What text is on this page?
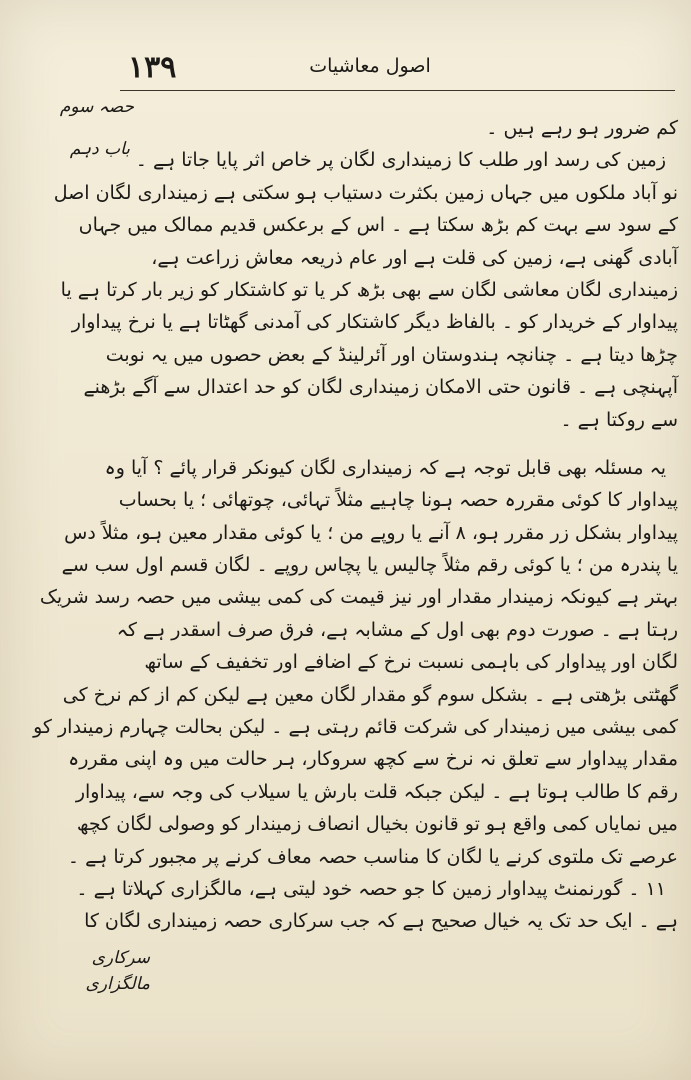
۱۳۹	اصول معاشیات
حصہ سوم
باب دہم
کم ضرور ہو رہے ہیں ۔
زمین کی رسد اور طلب کا زمینداری لگان پر خاص اثر پایا جاتا ہے ۔
نو آباد ملکوں میں جہاں زمین بکثرت دستیاب ہو سکتی ہے زمینداری لگان اصل
کے سود سے بہت کم بڑھ سکتا ہے ۔ اس کے برعکس قدیم ممالک میں جہاں
آبادی گھنی ہے، زمین کی قلت ہے اور عام ذریعہ معاش زراعت ہے،
زمینداری لگان معاشی لگان سے بھی بڑھ کر یا تو کاشتکار کو زیر بار کرتا ہے یا
پیداوار کے خریدار کو ۔ بالفاظ دیگر کاشتکار کی آمدنی گھٹاتا ہے یا نرخ پیداوار
چڑھا دیتا ہے ۔ چنانچہ ہندوستان اور آئرلینڈ کے بعض حصوں میں یہ نوبت
آپہنچی ہے ۔ قانون حتی الامکان زمینداری لگان کو حد اعتدال سے آگے بڑھنے
سے روکتا ہے ۔
یہ مسئلہ بھی قابل توجہ ہے کہ زمینداری لگان کیونکر قرار پائے ؟ آیا وہ
پیداوار کا کوئی مقررہ حصہ ہونا چاہیے مثلاً تہائی، چوتھائی ؛ یا بحساب
پیداوار بشکل زر مقرر ہو، ۸ آنے یا روپے من ؛ یا کوئی مقدار معین ہو، مثلاً دس
یا پندرہ من ؛ یا کوئی رقم مثلاً چالیس یا پچاس روپے ۔ لگان قسم اول سب سے
بہتر ہے کیونکہ زمیندار مقدار اور نیز قیمت کی کمی بیشی میں حصہ رسد شریک
رہتا ہے ۔ صورت دوم بھی اول کے مشابہ ہے، فرق صرف اسقدر ہے کہ
لگان اور پیداوار کی باہمی نسبت نرخ کے اضافے اور تخفیف کے ساتھ
گھٹتی بڑھتی ہے ۔ بشکل سوم گو مقدار لگان معین ہے لیکن کم از کم نرخ کی
کمی بیشی میں زمیندار کی شرکت قائم رہتی ہے ۔ لیکن بحالت چہارم زمیندار کو
مقدار پیداوار سے تعلق نہ نرخ سے کچھ سروکار، ہر حالت میں وہ اپنی مقررہ
رقم کا طالب ہوتا ہے ۔ لیکن جبکہ قلت بارش یا سیلاب کی وجہ سے، پیداوار
میں نمایاں کمی واقع ہو تو قانون بخیال انصاف زمیندار کو وصولی لگان کچھ
عرصے تک ملتوی کرنے یا لگان کا مناسب حصہ معاف کرنے پر مجبور کرتا ہے ۔
۱۱ ۔ گورنمنٹ پیداوار زمین کا جو حصہ خود لیتی ہے، مالگزاری کہلاتا ہے ۔
ہے ۔ ایک حد تک یہ خیال صحیح ہے کہ جب سرکاری حصہ زمینداری لگان کا
سرکاری
مالگزاری
